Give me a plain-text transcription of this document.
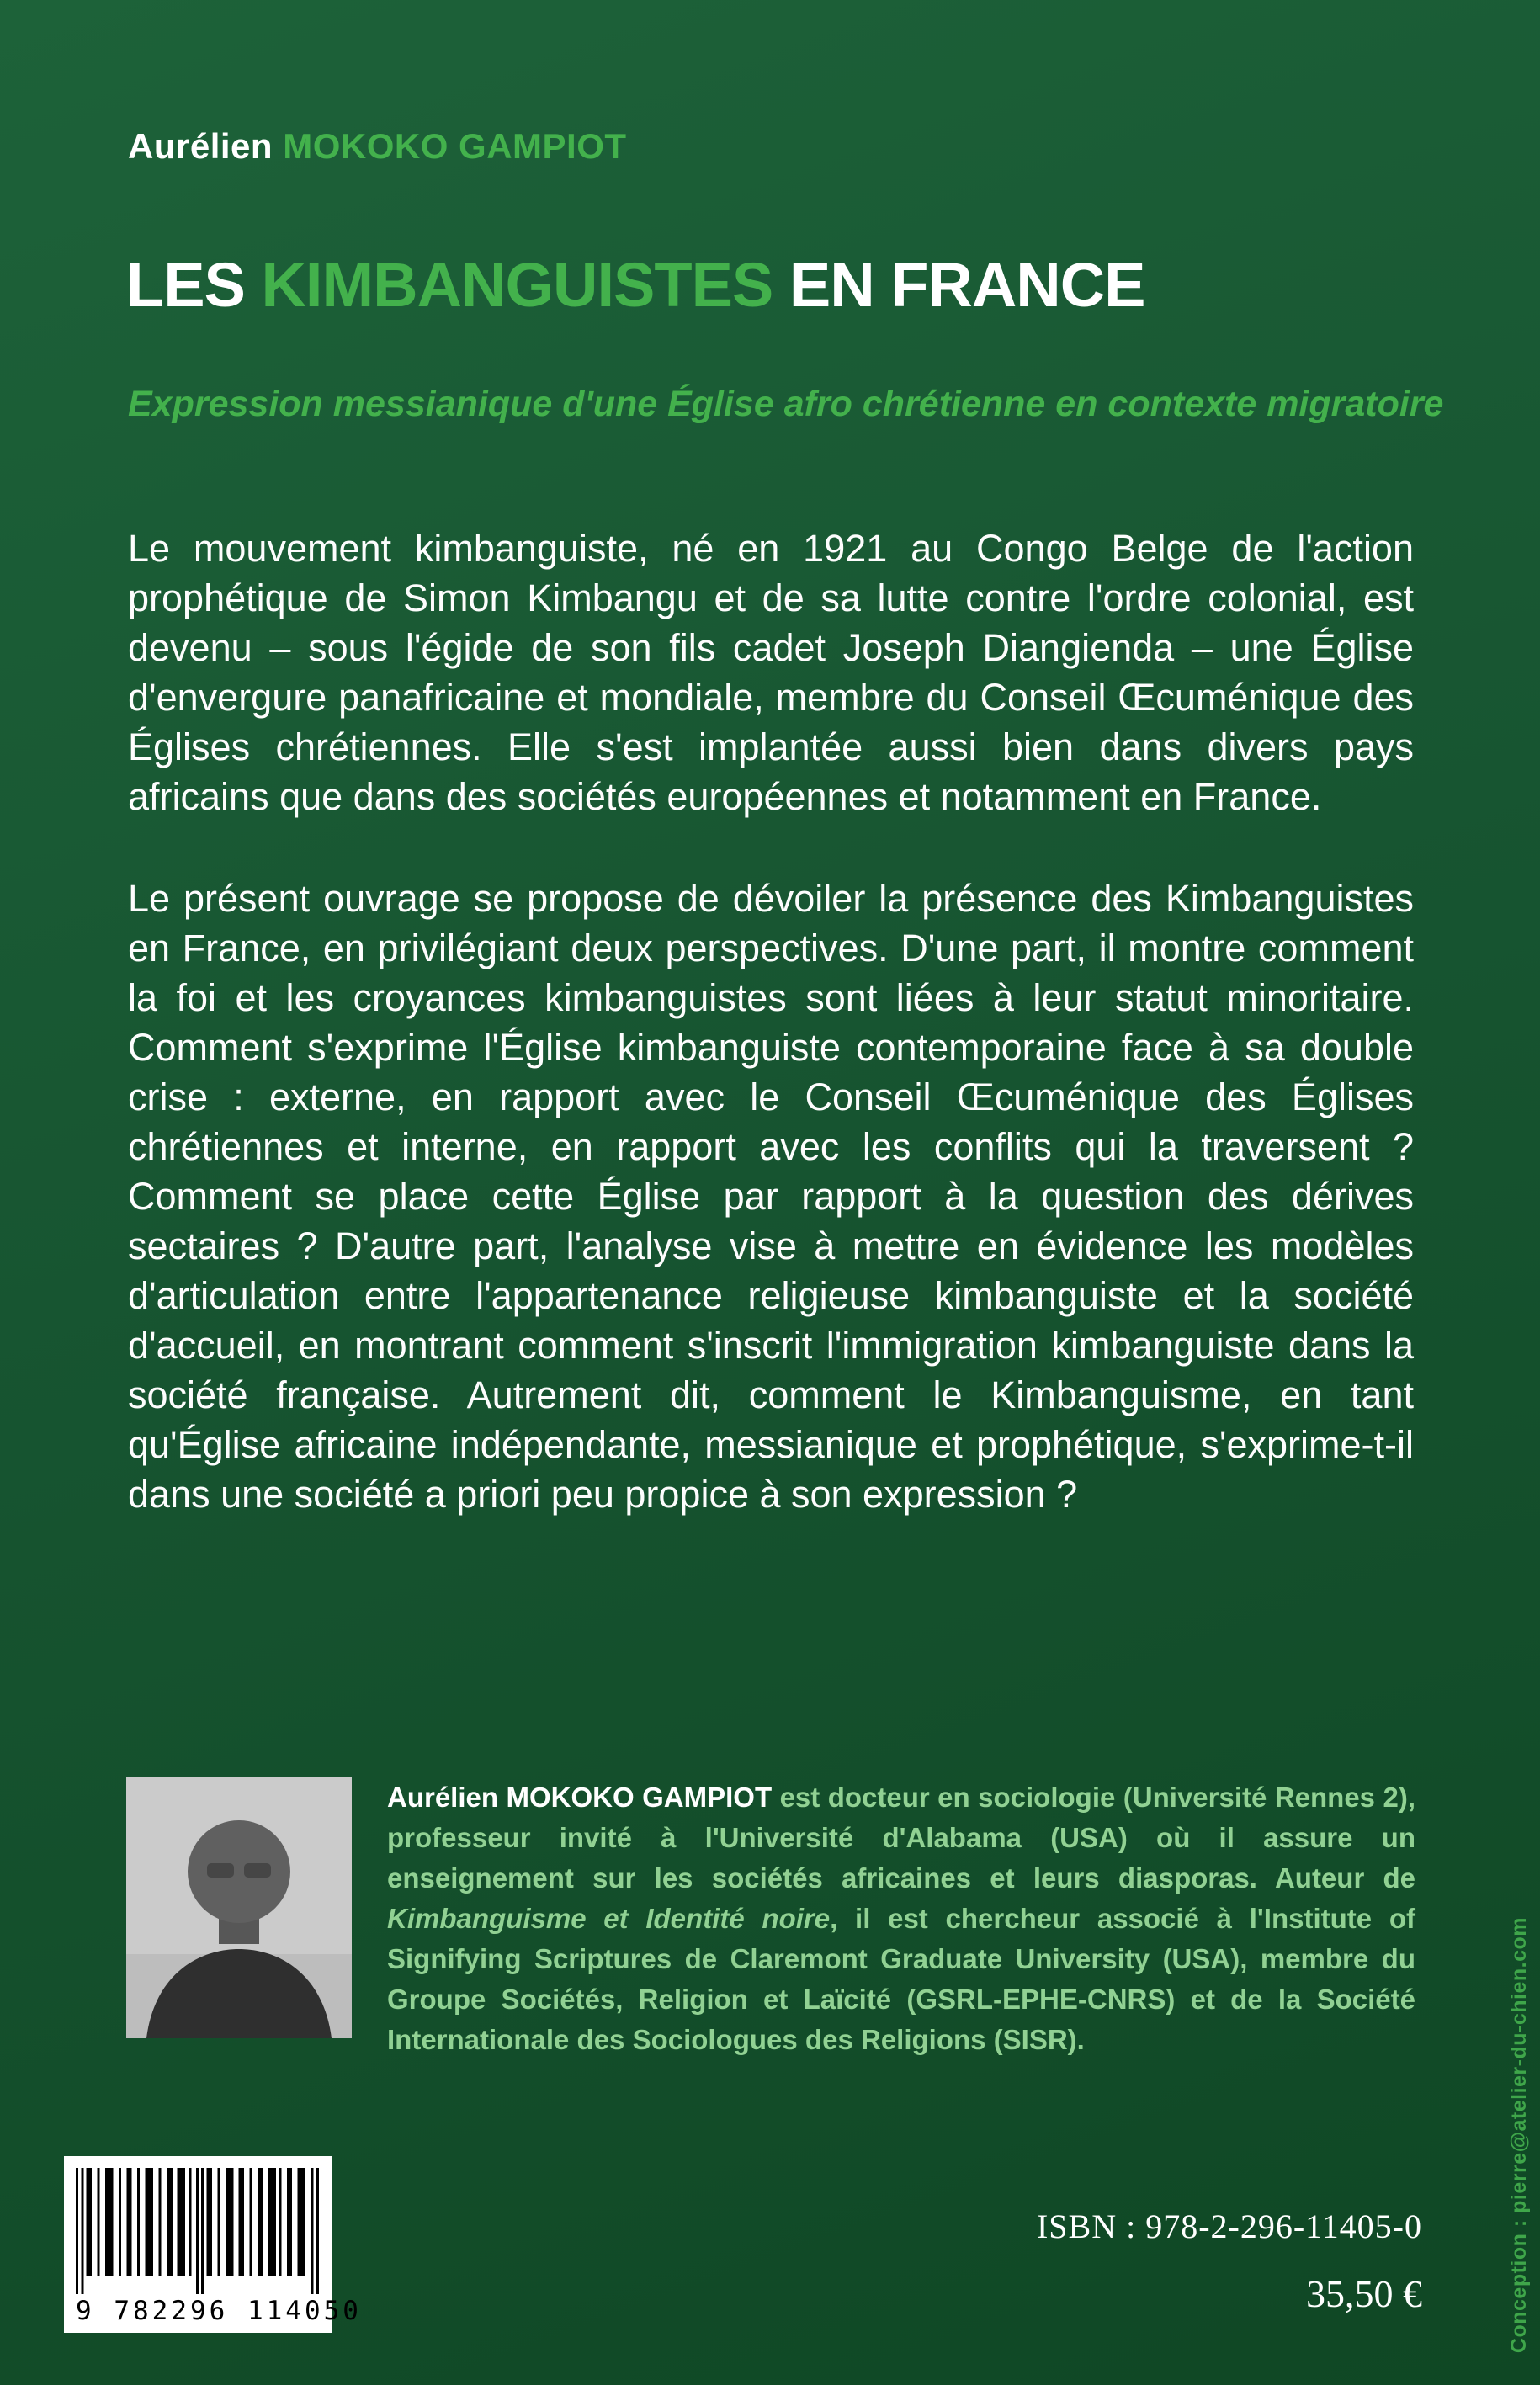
Aurélien MOKOKO GAMPIOT
LES KIMBANGUISTES EN FRANCE
Expression messianique d'une Église afro chrétienne en contexte migratoire

Le mouvement kimbanguiste, né en 1921 au Congo Belge de l'action prophétique de Simon Kimbangu et de sa lutte contre l'ordre colonial, est devenu – sous l'égide de son fils cadet Joseph Diangienda – une Église d'envergure panafricaine et mondiale, membre du Conseil Œcuménique des Églises chrétiennes. Elle s'est implantée aussi bien dans divers pays africains que dans des sociétés européennes et notamment en France.

Le présent ouvrage se propose de dévoiler la présence des Kimbanguistes en France, en privilégiant deux perspectives. D'une part, il montre comment la foi et les croyances kimbanguistes sont liées à leur statut minoritaire. Comment s'exprime l'Église kimbanguiste contemporaine face à sa double crise : externe, en rapport avec le Conseil Œcuménique des Églises chrétiennes et interne, en rapport avec les conflits qui la traversent ? Comment se place cette Église par rapport à la question des dérives sectaires ? D'autre part, l'analyse vise à mettre en évidence les modèles d'articulation entre l'appartenance religieuse kimbanguiste et la société d'accueil, en montrant comment s'inscrit l'immigration kimbanguiste dans la société française. Autrement dit, comment le Kimbanguisme, en tant qu'Église africaine indépendante, messianique et prophétique, s'exprime-t-il dans une société a priori peu propice à son expression ?

Aurélien MOKOKO GAMPIOT est docteur en sociologie (Université Rennes 2), professeur invité à l'Université d'Alabama (USA) où il assure un enseignement sur les sociétés africaines et leurs diasporas. Auteur de Kimbanguisme et Identité noire, il est chercheur associé à l'Institute of Signifying Scriptures de Claremont Graduate University (USA), membre du Groupe Sociétés, Religion et Laïcité (GSRL-EPHE-CNRS) et de la Société Internationale des Sociologues des Religions (SISR).

9 782296 114050
ISBN : 978-2-296-11405-0
35,50 €	Conception : pierre@atelier-du-chien.com
